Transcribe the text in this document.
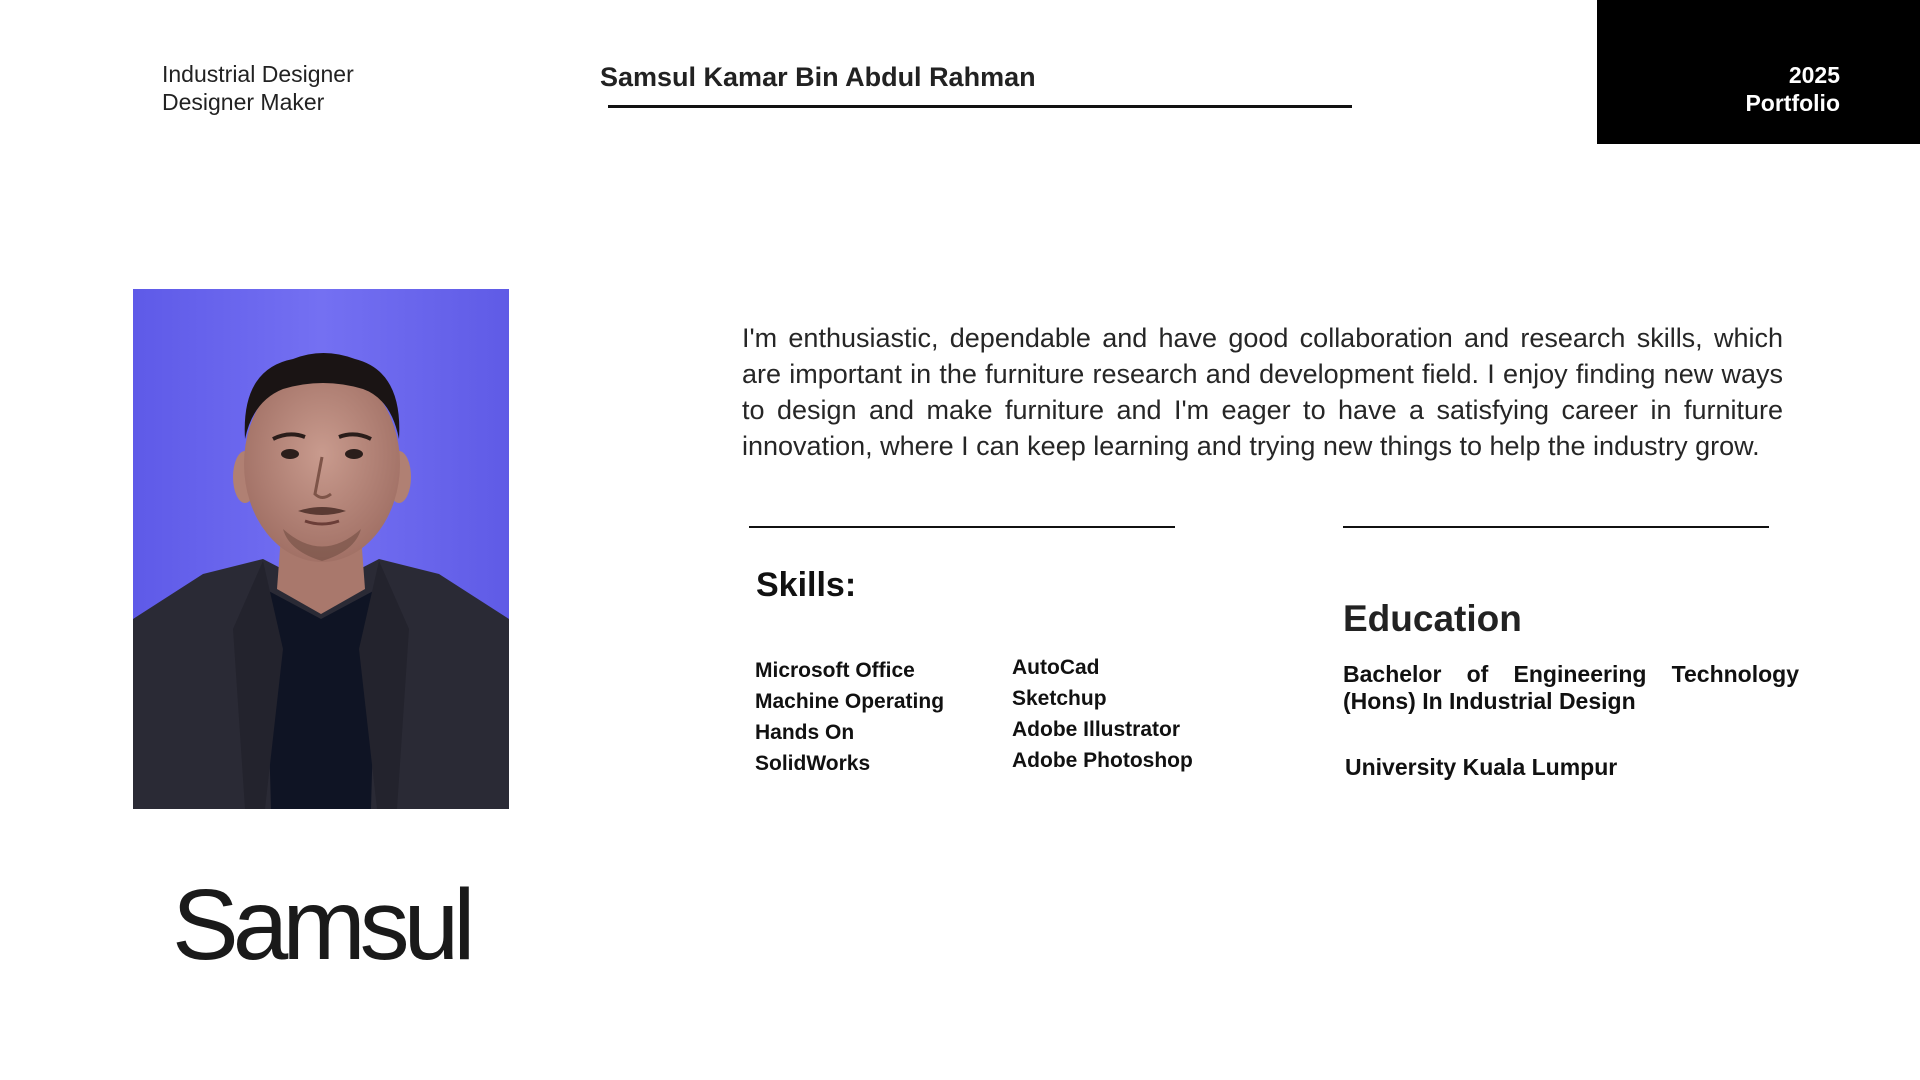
Industrial Designer
Designer Maker
Samsul Kamar Bin Abdul Rahman	2025
Portfolio
Samsul
I'm enthusiastic, dependable and have good collaboration and research skills, which are important in the furniture research and development field. I enjoy finding new ways to design and make furniture and I'm eager to have a satisfying career in furniture innovation, where I can keep learning and trying new things to help the industry grow.
Skills:
Microsoft Office
Machine Operating
Hands On
SolidWorks
AutoCad
Sketchup
Adobe Illustrator
Adobe Photoshop
Education
Bachelor of Engineering Technology (Hons) In Industrial Design
University Kuala Lumpur
